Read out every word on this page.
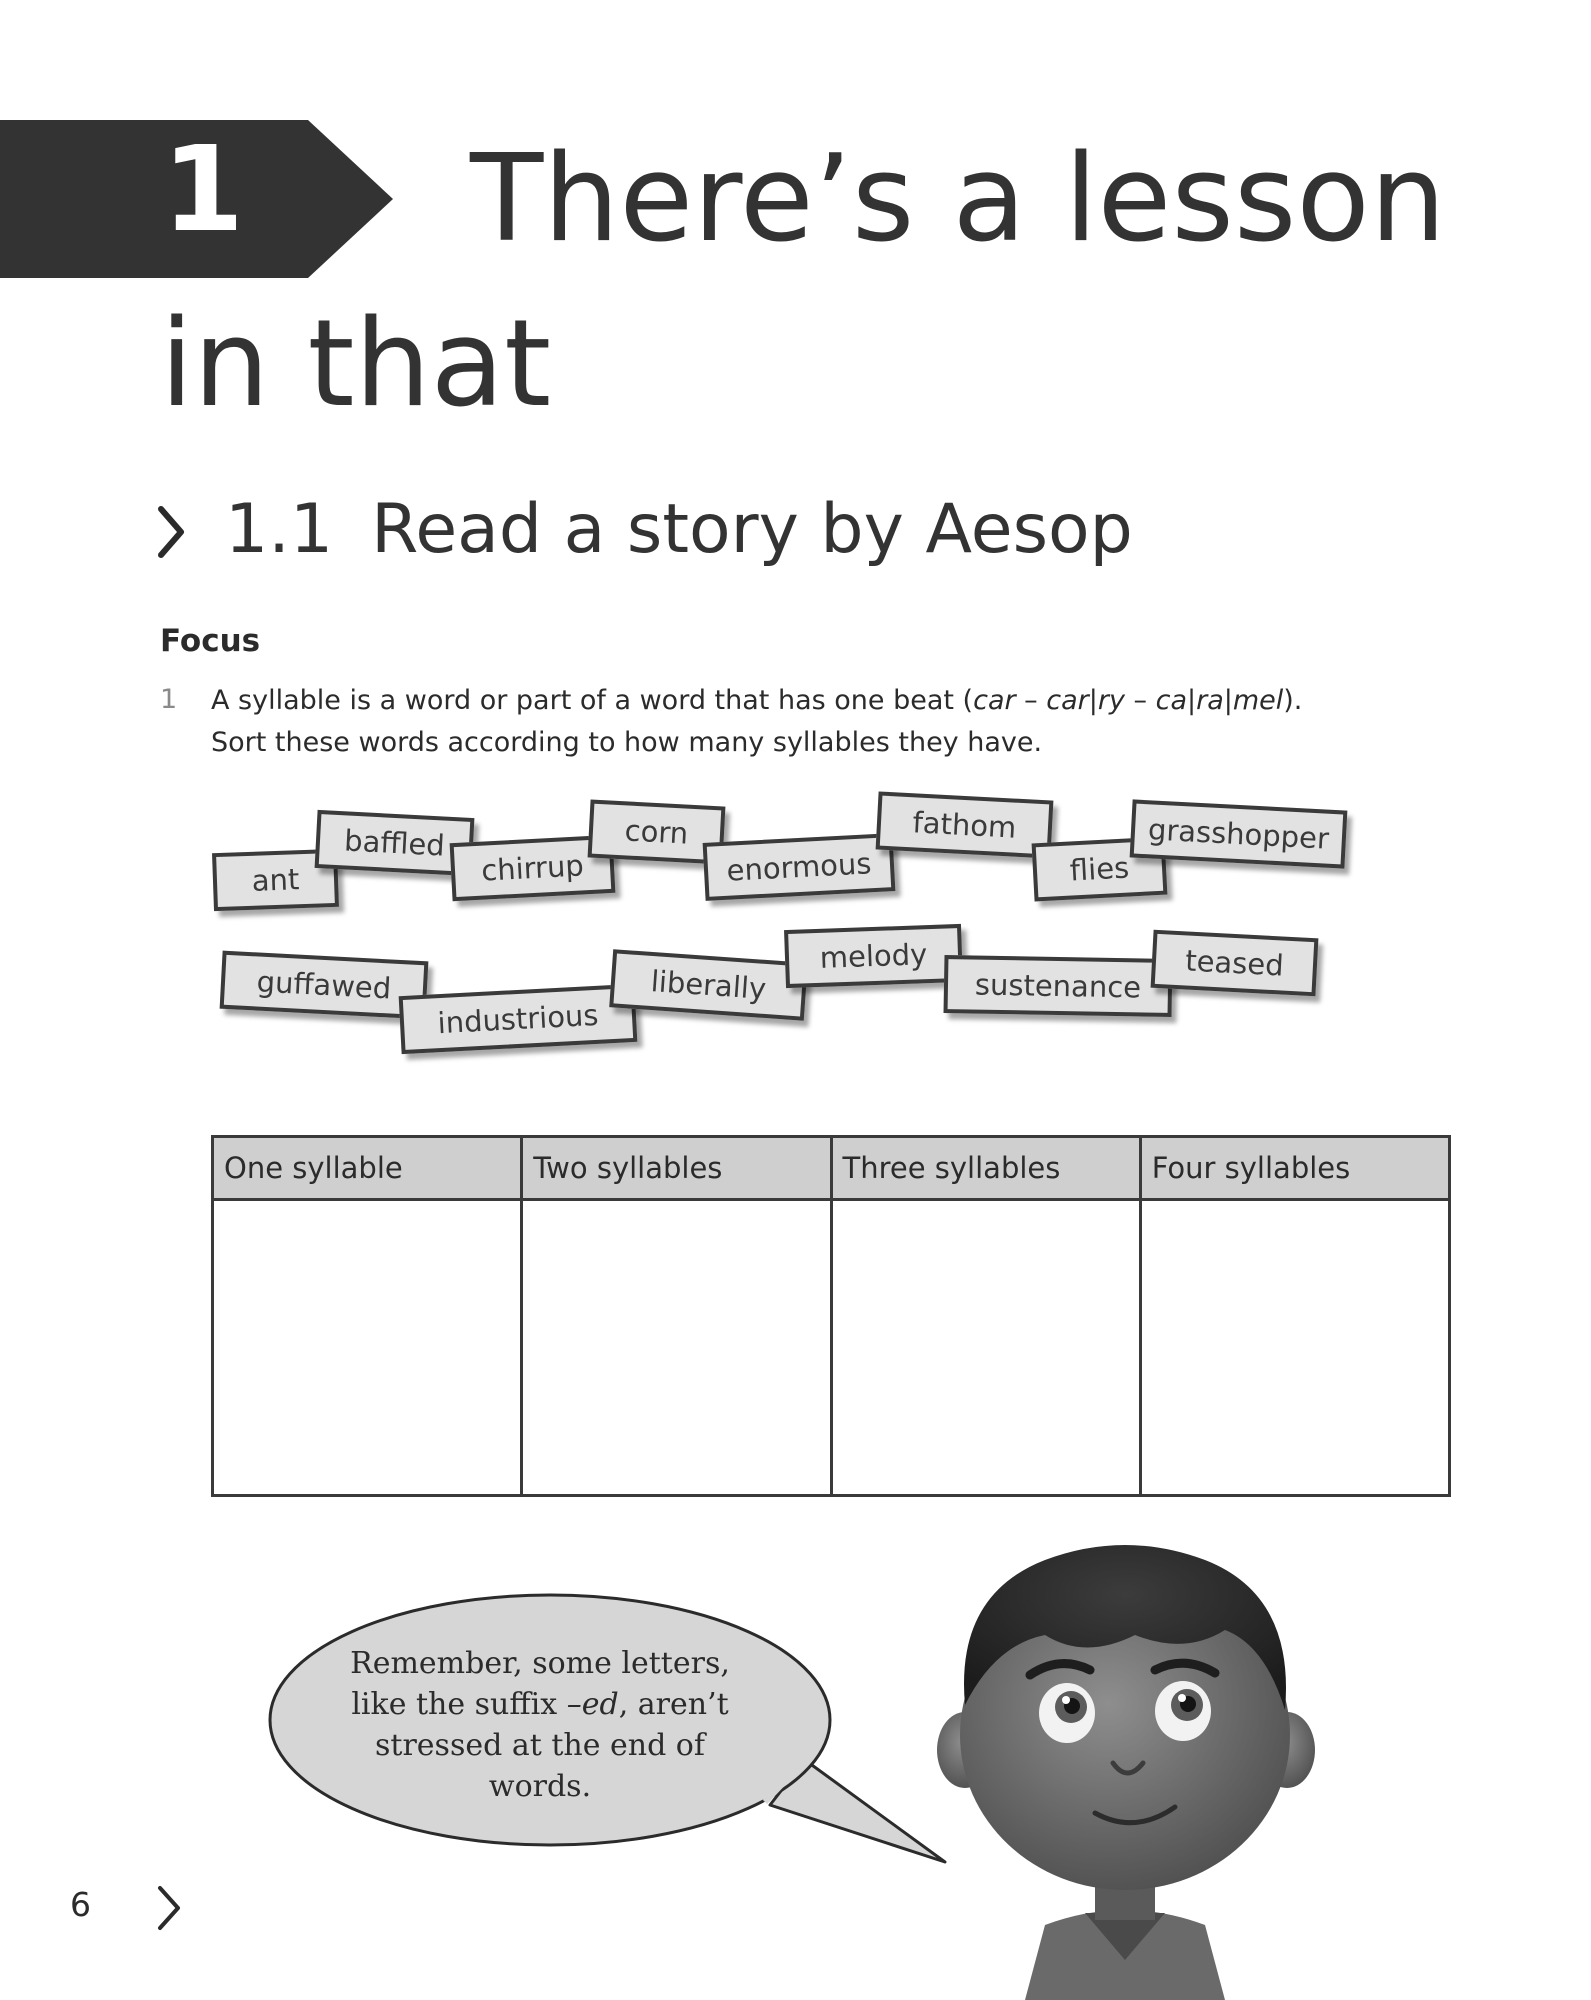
1 There’s a lesson
in that
1.1 Read a story by Aesop
Focus
1 A syllable is a word or part of a word that has one beat (car – car|ry – ca|ra|mel).
Sort these words according to how many syllables they have.
ant
baffled
chirrup
corn
enormous
fathom
flies
grasshopper
guffawed
industrious
liberally
melody
sustenance
teased
One syllable	Two syllables	Three syllables	Four syllables

Remember, some letters,
like the suffix –ed, aren’t
stressed at the end of
words.
6
